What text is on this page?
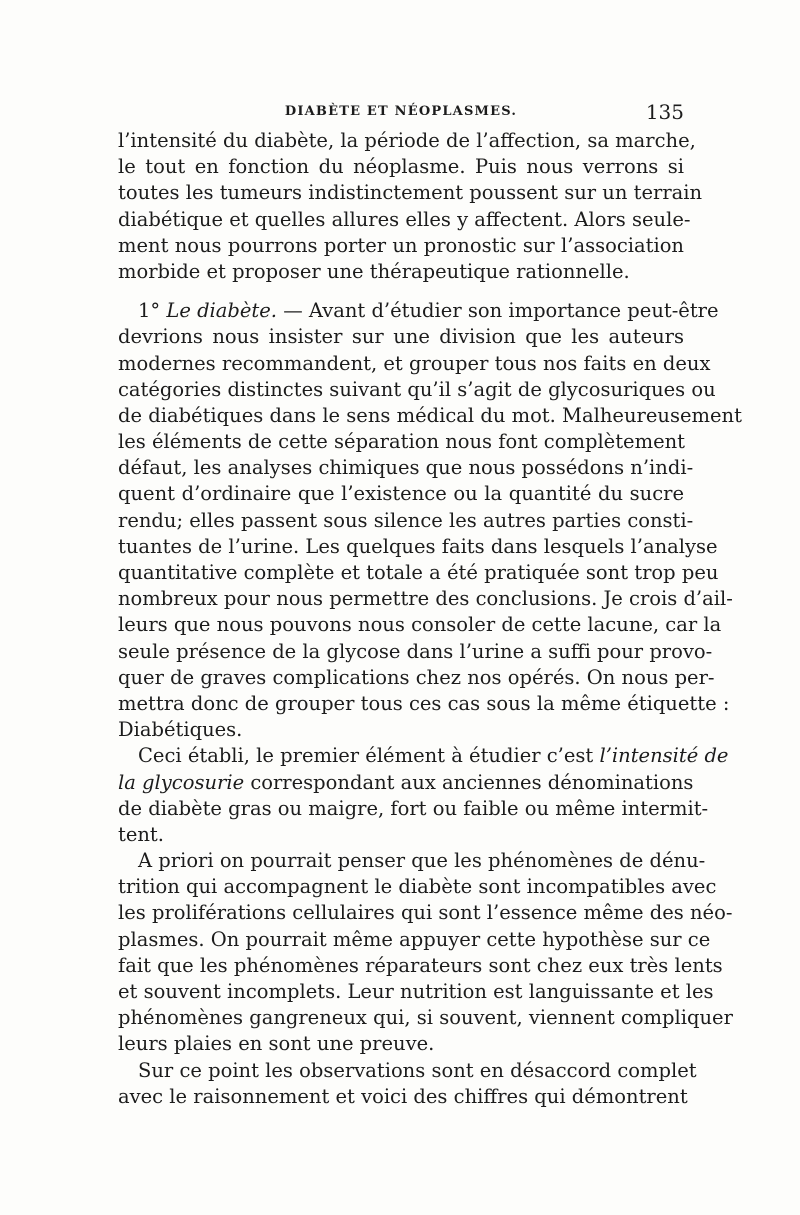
DIABÈTE ET NÉOPLASMES.	135
l’intensité du diabète, la période de l’affection, sa marche,
le tout en fonction du néoplasme. Puis nous verrons si
toutes les tumeurs indistinctement poussent sur un terrain
diabétique et quelles allures elles y affectent. Alors seule-
ment nous pourrons porter un pronostic sur l’association
morbide et proposer une thérapeutique rationnelle.
1° Le diabète. — Avant d’étudier son importance peut-être
devrions nous insister sur une division que les auteurs
modernes recommandent, et grouper tous nos faits en deux
catégories distinctes suivant qu’il s’agit de glycosuriques ou
de diabétiques dans le sens médical du mot. Malheureusement
les éléments de cette séparation nous font complètement
défaut, les analyses chimiques que nous possédons n’indi-
quent d’ordinaire que l’existence ou la quantité du sucre
rendu; elles passent sous silence les autres parties consti-
tuantes de l’urine. Les quelques faits dans lesquels l’analyse
quantitative complète et totale a été pratiquée sont trop peu
nombreux pour nous permettre des conclusions. Je crois d’ail-
leurs que nous pouvons nous consoler de cette lacune, car la
seule présence de la glycose dans l’urine a suffi pour provo-
quer de graves complications chez nos opérés. On nous per-
mettra donc de grouper tous ces cas sous la même étiquette :
Diabétiques.
Ceci établi, le premier élément à étudier c’est l’intensité de
la glycosurie correspondant aux anciennes dénominations
de diabète gras ou maigre, fort ou faible ou même intermit-
tent.
A priori on pourrait penser que les phénomènes de dénu-
trition qui accompagnent le diabète sont incompatibles avec
les proliférations cellulaires qui sont l’essence même des néo-
plasmes. On pourrait même appuyer cette hypothèse sur ce
fait que les phénomènes réparateurs sont chez eux très lents
et souvent incomplets. Leur nutrition est languissante et les
phénomènes gangreneux qui, si souvent, viennent compliquer
leurs plaies en sont une preuve.
Sur ce point les observations sont en désaccord complet
avec le raisonnement et voici des chiffres qui démontrent
